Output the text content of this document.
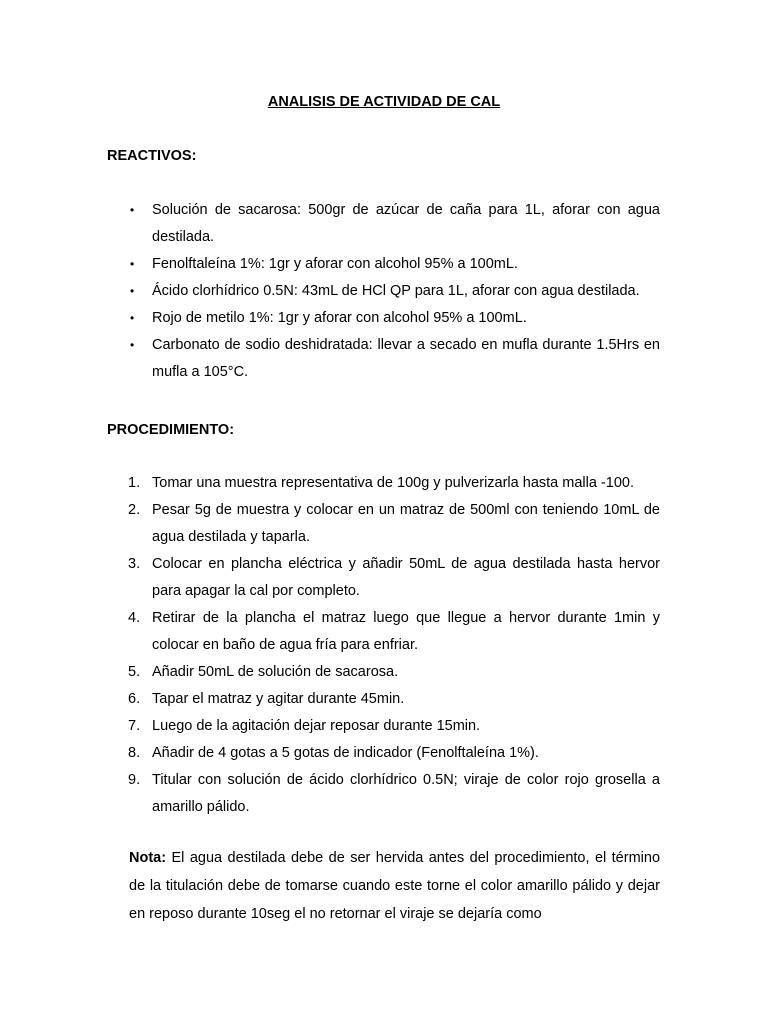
ANALISIS DE ACTIVIDAD DE CAL
REACTIVOS:
•	Solución de sacarosa: 500gr de azúcar de caña para 1L, aforar con agua destilada.
•	Fenolftaleína 1%: 1gr y aforar con alcohol 95% a 100mL.
•	Ácido clorhídrico 0.5N: 43mL de HCl QP para 1L, aforar con agua destilada.
•	Rojo de metilo 1%: 1gr y aforar con alcohol 95% a 100mL.
•	Carbonato de sodio deshidratada: llevar a secado en mufla durante 1.5Hrs en mufla a 105°C.
PROCEDIMIENTO:
1. Tomar una muestra representativa de 100g y pulverizarla hasta malla -100.
2. Pesar 5g de muestra y colocar en un matraz de 500ml con teniendo 10mL de agua destilada y taparla.
3. Colocar en plancha eléctrica y añadir 50mL de agua destilada hasta hervor para apagar la cal por completo.
4. Retirar de la plancha el matraz luego que llegue a hervor durante 1min y colocar en baño de agua fría para enfriar.
5. Añadir 50mL de solución de sacarosa.
6. Tapar el matraz y agitar durante 45min.
7. Luego de la agitación dejar reposar durante 15min.
8. Añadir de 4 gotas a 5 gotas de indicador (Fenolftaleína 1%).
9. Titular con solución de ácido clorhídrico 0.5N; viraje de color rojo grosella a amarillo pálido.

Nota: El agua destilada debe de ser hervida antes del procedimiento, el término de la titulación debe de tomarse cuando este torne el color amarillo pálido y dejar en reposo durante 10seg el no retornar el viraje se dejaría como
